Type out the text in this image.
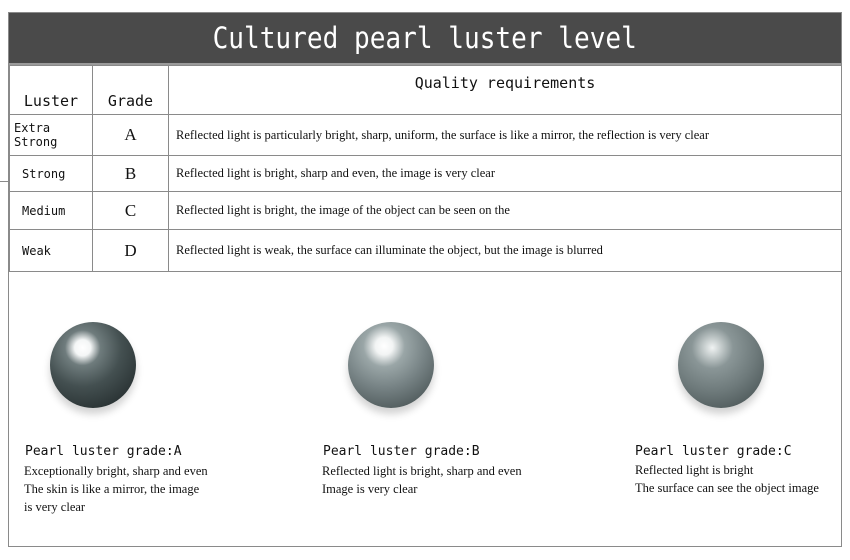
Cultured pearl luster level
Luster	Grade	Quality requirements
Extra Strong	A	Reflected light is particularly bright, sharp, uniform, the surface is like a mirror, the reflection is very clear
Strong	B	Reflected light is bright, sharp and even, the image is very clear
Medium	C	Reflected light is bright, the image of the object can be seen on the
Weak	D	Reflected light is weak, the surface can illuminate the object, but the image is blurred
Pearl luster grade:A
Exceptionally bright, sharp and even
The skin is like a mirror, the image
is very clear
Pearl luster grade:B
Reflected light is bright, sharp and even
Image is very clear
Pearl luster grade:C
Reflected light is bright
The surface can see the object image
